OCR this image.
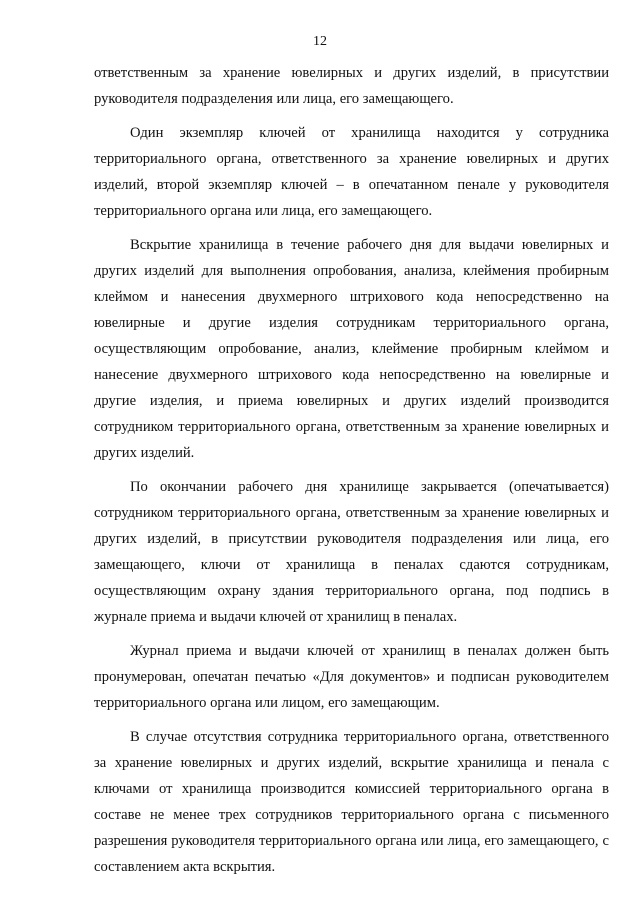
12

ответственным за хранение ювелирных и других изделий, в присутствии руководителя подразделения или лица, его замещающего.

Один экземпляр ключей от хранилища находится у сотрудника территориального органа, ответственного за хранение ювелирных и других изделий, второй экземпляр ключей – в опечатанном пенале у руководителя территориального органа или лица, его замещающего.

Вскрытие хранилища в течение рабочего дня для выдачи ювелирных и других изделий для выполнения опробования, анализа, клеймения пробирным клеймом и нанесения двухмерного штрихового кода непосредственно на ювелирные и другие изделия сотрудникам территориального органа, осуществляющим опробование, анализ, клеймение пробирным клеймом и нанесение двухмерного штрихового кода непосредственно на ювелирные и другие изделия, и приема ювелирных и других изделий производится сотрудником территориального органа, ответственным за хранение ювелирных и других изделий.

По окончании рабочего дня хранилище закрывается (опечатывается) сотрудником территориального органа, ответственным за хранение ювелирных и других изделий, в присутствии руководителя подразделения или лица, его замещающего, ключи от хранилища в пеналах сдаются сотрудникам, осуществляющим охрану здания территориального органа, под подпись в журнале приема и выдачи ключей от хранилищ в пеналах.

Журнал приема и выдачи ключей от хранилищ в пеналах должен быть пронумерован, опечатан печатью «Для документов» и подписан руководителем территориального органа или лицом, его замещающим.

В случае отсутствия сотрудника территориального органа, ответственного за хранение ювелирных и других изделий, вскрытие хранилища и пенала с ключами от хранилища производится комиссией территориального органа в составе не менее трех сотрудников территориального органа с письменного разрешения руководителя территориального органа или лица, его замещающего, с составлением акта вскрытия.
